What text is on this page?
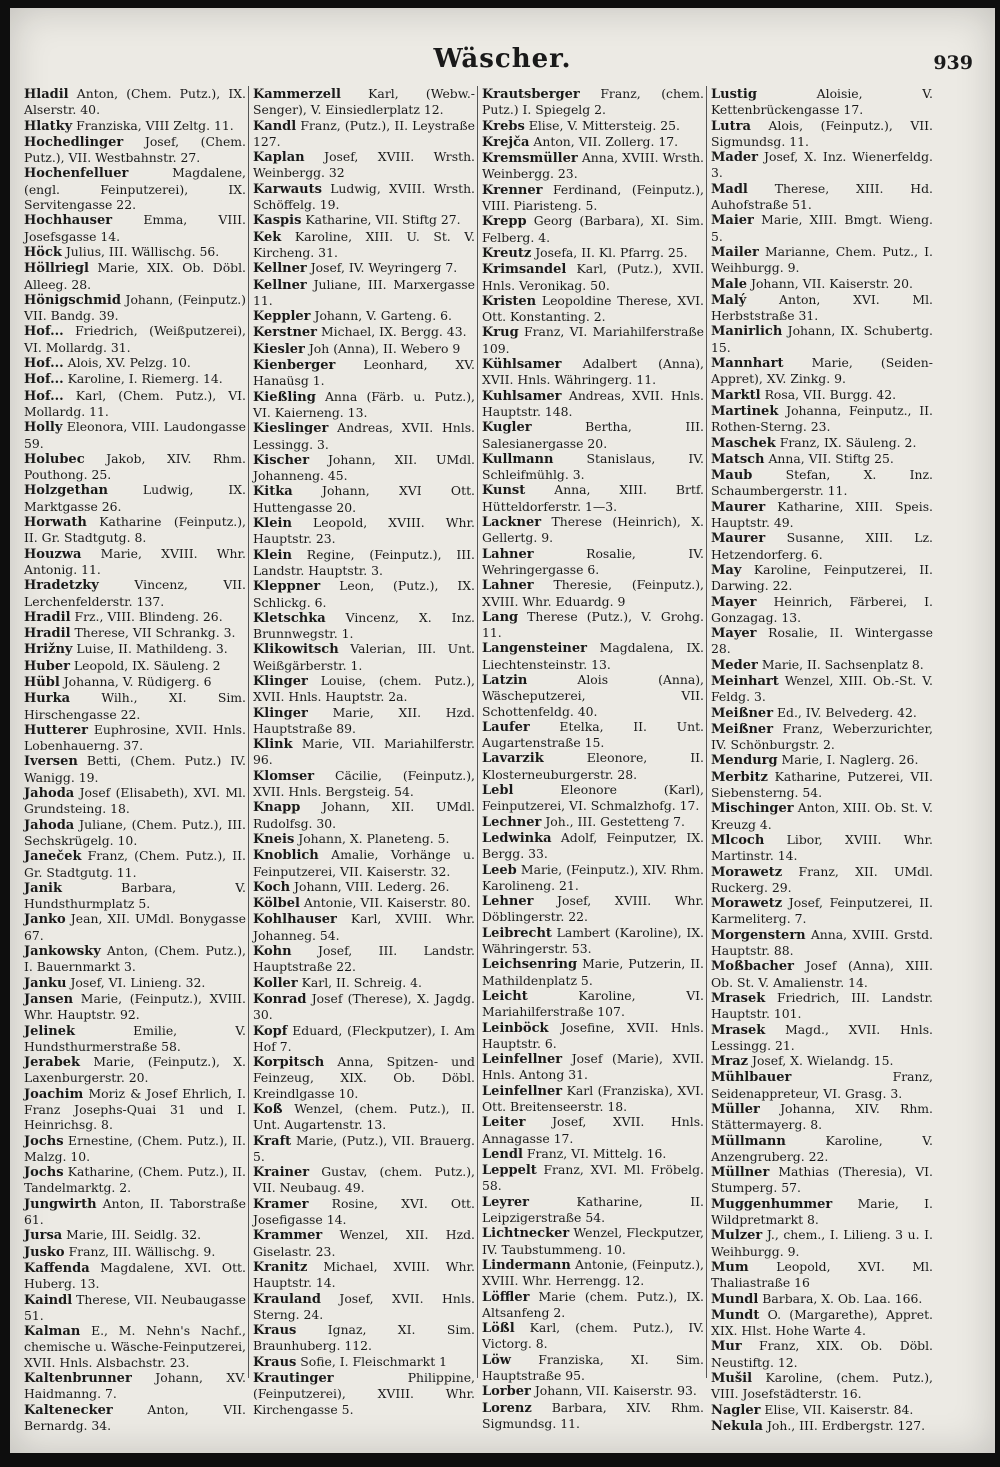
Wäscher.	939

Hladil Anton, (Chem. Putz.), IX. Alserstr. 40.

Hlatky Franziska, VIII Zeltg. 11.

Hochedlinger Josef, (Chem. Putz.), VII. Westbahnstr. 27.

Hochenfelluer	Magdalene, (engl. Feinputzerei), IX. Servitengasse 22.

Hochhauser	Emma, VIII. Josefsgasse 14.

Höck Julius, III. Wällischg. 56.

Höllriegl Marie, XIX. Ob. Döbl. Alleeg. 28.

Hönigschmid Johann, (Feinputz.) VII. Bandg. 39.

Hof... Friedrich, (Weißputzerei), VI. Mollardg. 31.

Hof... Alois, XV. Pelzg. 10.

Hof... Karoline, I. Riemerg. 14.

Hof... Karl, (Chem. Putz.), VI. Mollardg. 11.

Holly Eleonora, VIII. Laudongasse 59.

Holubec Jakob, XIV. Rhm. Pouthong. 25.

Holzgethan	Ludwig, IX. Marktgasse 26.

Horwath Katharine (Feinputz.), II. Gr. Stadtgutg. 8.

Houzwa Marie, XVIII. Whr. Antonig. 11.

Hradetzky	Vincenz, VII. Lerchenfelderstr. 137.

Hradil Frz., VIII. Blindeng. 26.

Hradil Therese, VII Schrankg. 3.

Hrižny Luise, II. Mathildeng. 3.

Huber Leopold, IX. Säuleng. 2

Hübl Johanna, V. Rüdigerg. 6

Hurka	Wilh., XI. Sim. Hirschengasse 22.

Hutterer Euphrosine, XVII. Hnls. Lobenhauerng. 37.

Iversen Betti, (Chem. Putz.) IV. Wanigg. 19.

Jahoda Josef (Elisabeth), XVI. Ml. Grundsteing. 18.

Jahoda Juliane, (Chem. Putz.), III. Sechskrügelg. 10.

Janeček Franz, (Chem. Putz.), II. Gr. Stadtgutg. 11.

Janik	Barbara, V. Hundsthurmplatz 5.

Janko Jean, XII. UMdl. Bonygasse 67.

Jankowsky Anton, (Chem. Putz.), I. Bauernmarkt 3.

Janku Josef, VI. Linieng. 32.

Jansen Marie, (Feinputz.), XVIII. Whr. Hauptstr. 92.

Jelinek	Emilie, V. Hundsthurmerstraße 58.

Jerabek Marie, (Feinputz.), X. Laxenburgerstr. 20.

Joachim Moriz & Josef Ehrlich, I. Franz Josephs-Quai 31 und I. Heinrichsg. 8.

Jochs Ernestine, (Chem. Putz.), II. Malzg. 10.

Jochs Katharine, (Chem. Putz.), II. Tandelmarktg. 2.

Jungwirth Anton, II. Taborstraße 61.

Jursa Marie, III. Seidlg. 32.

Jusko Franz, III. Wällischg. 9.

Kaffenda Magdalene, XVI. Ott. Huberg. 13.

Kaindl Therese, VII. Neubaugasse 51.

Kalman E., M. Nehn's Nachf., chemische u. Wäsche-Feinputzerei, XVII. Hnls. Alsbachstr. 23.

Kaltenbrunner Johann, XV. Haidmanng. 7.

Kaltenecker	Anton, VII. Bernardg. 34.

Kammerzell Karl, (Webw.-Senger), V. Einsiedlerplatz 12.

Kandl Franz, (Putz.), II. Leystraße 127.

Kaplan Josef, XVIII. Wrsth. Weinbergg. 32

Karwauts Ludwig, XVIII. Wrsth. Schöffelg. 19.

Kaspis Katharine, VII. Stiftg 27.

Kek Karoline, XIII. U. St. V. Kircheng. 31.

Kellner Josef, IV. Weyringerg 7.

Kellner Juliane, III. Marxergasse 11.

Keppler Johann, V. Garteng. 6.

Kerstner Michael, IX. Bergg. 43.

Kiesler Joh (Anna), II. Webero 9

Kienberger Leonhard, XV. Hanaüsg 1.

Kießling Anna (Färb. u. Putz.), VI. Kaierneng. 13.

Kieslinger Andreas, XVII. Hnls. Lessingg. 3.

Kischer Johann, XII. UMdl. Johanneng. 45.

Kitka Johann, XVI Ott. Huttengasse 20.

Klein Leopold, XVIII. Whr. Hauptstr. 23.

Klein Regine, (Feinputz.), III. Landstr. Hauptstr. 3.

Kleppner Leon, (Putz.), IX. Schlickg. 6.

Kletschka Vincenz, X. Inz. Brunnwegstr. 1.

Klikowitsch Valerian, III. Unt. Weißgärberstr. 1.

Klinger Louise, (chem. Putz.), XVII. Hnls. Hauptstr. 2a.

Klinger Marie, XII. Hzd. Hauptstraße 89.

Klink Marie, VII. Mariahilferstr. 96.

Klomser Cäcilie, (Feinputz.), XVII. Hnls. Bergsteig. 54.

Knapp Johann, XII. UMdl. Rudolfsg. 30.

Kneis Johann, X. Planeteng. 5.

Knoblich Amalie, Vorhänge u. Feinputzerei, VII. Kaiserstr. 32.

Koch Johann, VIII. Lederg. 26.

Kölbel Antonie, VII. Kaiserstr. 80.

Kohlhauser Karl, XVIII. Whr. Johanneg. 54.

Kohn Josef, III. Landstr. Hauptstraße 22.

Koller Karl, II. Schreig. 4.

Konrad Josef (Therese), X. Jagdg. 30.

Kopf Eduard, (Fleckputzer), I. Am Hof 7.

Korpitsch Anna, Spitzen- und Feinzeug, XIX. Ob. Döbl. Kreindlgasse 10.

Koß Wenzel, (chem. Putz.), II. Unt. Augartenstr. 13.

Kraft Marie, (Putz.), VII. Brauerg. 5.

Krainer Gustav, (chem. Putz.), VII. Neubaug. 49.

Kramer Rosine, XVI. Ott. Josefigasse 14.

Krammer Wenzel, XII. Hzd. Giselastr. 23.

Kranitz Michael, XVIII. Whr. Hauptstr. 14.

Krauland Josef, XVII. Hnls. Sterng. 24.

Kraus	Ignaz, XI. Sim. Braunhuberg. 112.

Kraus Sofie, I. Fleischmarkt 1

Krautinger	Philippine, (Feinputzerei), XVIII. Whr. Kirchengasse 5.

Krautsberger Franz, (chem. Putz.) I. Spiegelg 2.

Krebs Elise, V. Mittersteig. 25.

Krejča Anton, VII. Zollerg. 17.

Kremsmüller Anna, XVIII. Wrsth. Weinbergg. 23.

Krenner Ferdinand, (Feinputz.), VIII. Piaristeng. 5.

Krepp Georg (Barbara), XI. Sim. Felberg. 4.

Kreutz Josefa, II. Kl. Pfarrg. 25.

Krimsandel Karl, (Putz.), XVII. Hnls. Veronikag. 50.

Kristen Leopoldine Therese, XVI. Ott. Konstanting. 2.

Krug Franz, VI. Mariahilferstraße 109.

Kühlsamer Adalbert (Anna), XVII. Hnls. Währingerg. 11.

Kuhlsamer Andreas, XVII. Hnls. Hauptstr. 148.

Kugler	Bertha, III. Salesianergasse 20.

Kullmann	Stanislaus, IV. Schleifmühlg. 3.

Kunst Anna, XIII. Brtf. Hütteldorferstr. 1—3.

Lackner Therese (Heinrich), X. Gellertg. 9.

Lahner	Rosalie, IV. Wehringergasse 6.

Lahner Theresie, (Feinputz.), XVIII. Whr. Eduardg. 9

Lang Therese (Putz.), V. Grohg. 11.

Langensteiner Magdalena, IX. Liechtensteinstr. 13.

Latzin	Alois (Anna), Wäscheputzerei, VII. Schottenfeldg. 40.

Laufer Etelka, II. Unt. Augartenstraße 15.

Lavarzik	Eleonore, II. Klosterneuburgerstr. 28.

Lebl	Eleonore (Karl), Feinputzerei, VI. Schmalzhofg. 17.

Lechner Joh., III. Gestetteng 7.

Ledwinka Adolf, Feinputzer, IX. Bergg. 33.

Leeb Marie, (Feinputz.), XIV. Rhm. Karolineng. 21.

Lehner Josef, XVIII. Whr. Döblingerstr. 22.

Leibrecht Lambert (Karoline), IX. Währingerstr. 53.

Leichsenring Marie, Putzerin, II. Mathildenplatz 5.

Leicht	Karoline, VI. Mariahilferstraße 107.

Leinböck Josefine, XVII. Hnls. Hauptstr. 6.

Leinfellner Josef (Marie), XVII. Hnls. Antong 31.

Leinfellner Karl (Franziska), XVI. Ott. Breitenseerstr. 18.

Leiter Josef, XVII. Hnls. Annagasse 17.

Lendl Franz, VI. Mittelg. 16.

Leppelt Franz, XVI. Ml. Fröbelg. 58.

Leyrer	Katharine, II. Leipzigerstraße 54.

Lichtnecker Wenzel, Fleckputzer, IV. Taubstummeng. 10.

Lindermann Antonie, (Feinputz.), XVIII. Whr. Herrengg. 12.

Löffler Marie (chem. Putz.), IX. Altsanfeng 2.

Lößl Karl, (chem. Putz.), IV. Victorg. 8.

Löw Franziska, XI. Sim. Hauptstraße 95.

Lorber Johann, VII. Kaiserstr. 93.

Lorenz Barbara, XIV. Rhm. Sigmundsg. 11.

Lustig	Aloisie, V. Kettenbrückengasse 17.

Lutra Alois, (Feinputz.), VII. Sigmundsg. 11.

Mader Josef, X. Inz. Wienerfeldg. 3.

Madl Therese, XIII. Hd. Auhofstraße 51.

Maier Marie, XIII. Bmgt. Wieng. 5.

Mailer Marianne, Chem. Putz., I. Weihburgg. 9.

Male Johann, VII. Kaiserstr. 20.

Malý	Anton, XVI. Ml. Herbststraße 31.

Manirlich Johann, IX. Schubertg. 15.

Mannhart Marie, (Seiden-Appret), XV. Zinkg. 9.

Marktl Rosa, VII. Burgg. 42.

Martinek Johanna, Feinputz., II. Rothen-Sterng. 23.

Maschek Franz, IX. Säuleng. 2.

Matsch Anna, VII. Stiftg 25.

Maub	Stefan, X. Inz. Schaumbergerstr. 11.

Maurer Katharine, XIII. Speis. Hauptstr. 49.

Maurer Susanne, XIII. Lz. Hetzendorferg. 6.

May Karoline, Feinputzerei, II. Darwing. 22.

Mayer Heinrich, Färberei, I. Gonzagag. 13.

Mayer Rosalie, II. Wintergasse 28.

Meder Marie, II. Sachsenplatz 8.

Meinhart Wenzel, XIII. Ob.-St. V. Feldg. 3.

Meißner Ed., IV. Belvederg. 42.

Meißner Franz, Weberzurichter, IV. Schönburgstr. 2.

Mendurg Marie, I. Naglerg. 26.

Merbitz Katharine, Putzerei, VII. Siebensterng. 54.

Mischinger Anton, XIII. Ob. St. V. Kreuzg 4.

Mlcoch Libor, XVIII. Whr. Martinstr. 14.

Morawetz Franz, XII. UMdl. Ruckerg. 29.

Morawetz Josef, Feinputzerei, II. Karmeliterg. 7.

Morgenstern Anna, XVIII. Grstd. Hauptstr. 88.

Moßbacher Josef (Anna), XIII. Ob. St. V. Amalienstr. 14.

Mrasek Friedrich, III. Landstr. Hauptstr. 101.

Mrasek Magd., XVII. Hnls. Lessingg. 21.

Mraz Josef, X. Wielandg. 15.

Mühlbauer	Franz, Seidenappreteur, VI. Grasg. 3.

Müller Johanna, XIV. Rhm. Stättermayerg. 8.

Müllmann	Karoline, V. Anzengruberg. 22.

Müllner Mathias (Theresia), VI. Stumperg. 57.

Muggenhummer Marie, I. Wildpretmarkt 8.

Mulzer J., chem., I. Lilieng. 3 u. I. Weihburgg. 9.

Mum Leopold, XVI. Ml. Thaliastraße 16

Mundl Barbara, X. Ob. Laa. 166.

Mundt O. (Margarethe), Appret. XIX. Hlst. Hohe Warte 4.

Mur Franz, XIX. Ob. Döbl. Neustiftg. 12.

Mušil Karoline, (chem. Putz.), VIII. Josefstädterstr. 16.

Nagler Elise, VII. Kaiserstr. 84.

Nekula Joh., III. Erdbergstr. 127.
